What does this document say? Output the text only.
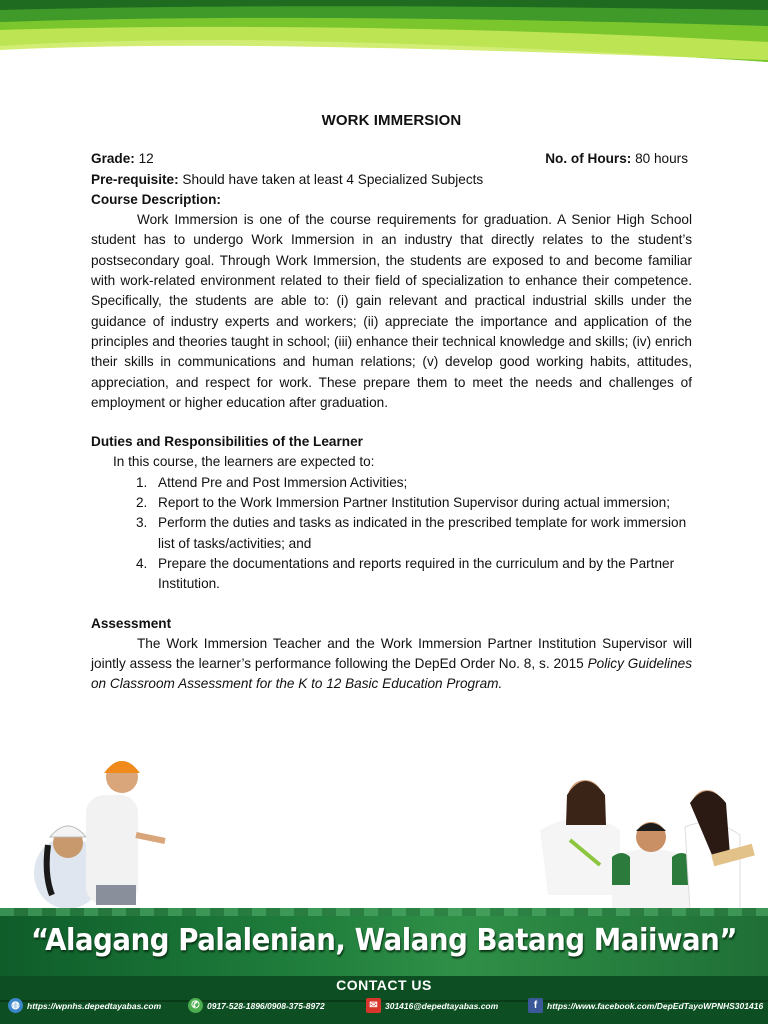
WORK IMMERSION
Grade: 12	No. of Hours: 80 hours
Pre-requisite: Should have taken at least 4 Specialized Subjects
Course Description:

Work Immersion is one of the course requirements for graduation. A Senior High School student has to undergo Work Immersion in an industry that directly relates to the student’s postsecondary goal. Through Work Immersion, the students are exposed to and become familiar with work-related environment related to their field of specialization to enhance their competence. Specifically, the students are able to: (i) gain relevant and practical industrial skills under the guidance of industry experts and workers; (ii) appreciate the importance and application of the principles and theories taught in school; (iii) enhance their technical knowledge and skills; (iv) enrich their skills in communications and human relations; (v) develop good working habits, attitudes, appreciation, and respect for work. These prepare them to meet the needs and challenges of employment or higher education after graduation.

Duties and Responsibilities of the Learner
In this course, the learners are expected to:
1. Attend Pre and Post Immersion Activities;
2. Report to the Work Immersion Partner Institution Supervisor during actual immersion;
3. Perform the duties and tasks as indicated in the prescribed template for work immersion list of tasks/activities; and
4. Prepare the documentations and reports required in the curriculum and by the Partner Institution.
Assessment

The Work Immersion Teacher and the Work Immersion Partner Institution Supervisor will jointly assess the learner’s performance following the DepEd Order No. 8, s. 2015 Policy Guidelines on Classroom Assessment for the K to 12 Basic Education Program.

“Alagang Palalenian, Walang Batang Maiiwan”
CONTACT US
◍ https://wpnhs.depedtayabas.com	✆ 0917-528-1896/0908-375-8972	✉ 301416@depedtayabas.com	f	https://www.facebook.com/DepEdTayoWPNHS301416
